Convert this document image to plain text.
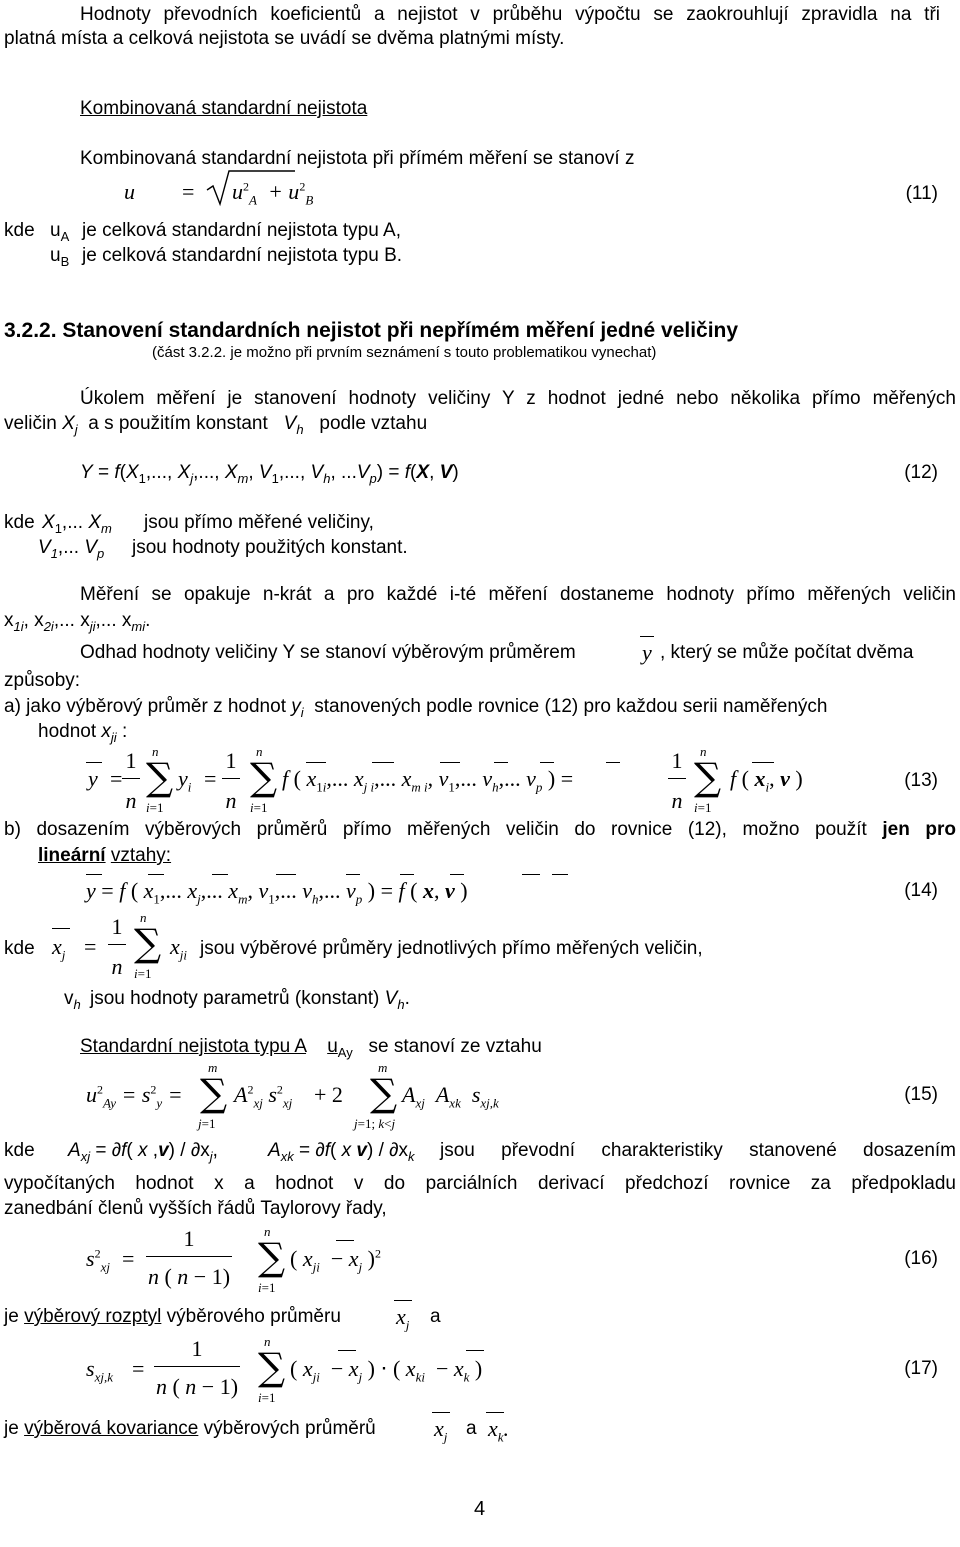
Hodnoty převodních koeficientů a nejistot v průběhu výpočtu se zaokrouhlují zpravidla na tři
platná místa a celková nejistota se uvádí se dvěma platnými místy.
Kombinovaná standardní nejistota
Kombinovaná standardní nejistota při přímém měření se stanoví z
$u = u^2_A + u^2_B$	(11)
kde $u_A$ je celková standardní nejistota typu A,
$u_B$ je celková standardní nejistota typu B.
3.2.2. Stanovení standardních nejistot při nepřímém měření jedné veličiny
(část 3.2.2. je možno při prvním seznámení s touto problematikou vynechat)
Úkolem měření je stanovení hodnoty veličiny Y z hodnot jedné nebo několika přímo měřených
veličin $X_j$ a s použitím konstant $V_h$ podle vztahu
$Y = f(X_1$,..., $X_j$,..., $X_m$, $V_1$,..., $V_h$, $...V_p) = f(X$, V)	(12)
kde $X_1$,... $X_m$ jsou přímo měřené veličiny,
$V_1$,... $V_p$ jsou hodnoty použitých konstant.
Měření se opakuje n-krát a pro každé i-té měření dostaneme hodnoty přímo měřených veličin
$x_{1i}$, $x_{2i}$,... $x_{ji}$,... $x_{mi}$.
Odhad hodnoty veličiny Y se stanoví výběrovým průměrem	y , který se může počítat dvěma
způsoby:
a) jako výběrový průměr z hodnot $y_i$ stanovených podle rovnice (12) pro každou serii naměřených
hodnot $x_{ji}$ :
y =
1
n
n
∑
i=1
$y_i$ =
1
n
n
∑
i=1
f ( $x_{1i}$,... $x_{j i}$,... $x_{m i}$, $v_1$,... $v_h$,... $v_p$ ) =
1
n
n
∑
i=1
f ( $x_i$, v )	(13)
b) dosazením výběrových průměrů přímo měřených veličin do rovnice (12), možno použít jen pro
lineární vztahy:
y = f ( $x_1$,... $x_j$,... $x_m$, $v_1$,... $v_h$,... $v_p$ ) = f ( x, v )	(14)
kde $x_j$ =
1
n
n
∑
i=1
$x_{ji}$ jsou výběrové průměry jednotlivých přímo měřených veličin,
$v_h$ jsou hodnoty parametrů (konstant) $V_h$.
Standardní nejistota typu A $u_{Ay}$ se stanoví ze vztahu
$u^2_{Ay} = s^2_y$ =
m
∑
j=1
$A^2_{xj}$ $s^2_{xj} + 2$
m
∑
j=1; k<j
$A_{xj}$  $A_{xk}$  $s_{xj,k}$	(15)
kde $A_{xj} = \partial f$( x $,v) / \partial x_j$,	$A_{xk} = \partial f$( x $v) / \partial x_k$ jsou převodní charakteristiky stanovené dosazením
vypočítaných hodnot x a hodnot v do parciálních derivací předchozí rovnice za předpokladu
zanedbání členů vyšších řádů Taylorovy řady,
$s^2_{xj}$ =
1
n ( n − 1)
n
∑
i=1
( $x_{ji} - x_j$ )$^2$	(16)
je výběrový rozptyl výběrového průměru	$x_j$ a
$s_{xj,k}$ =
1
n ( n − 1)
n
∑
i=1
( $x_{ji} - x_j$ ) ⋅ ( $x_{ki} - x_k$ )	(17)
je výběrová kovariance výběrových průměrů	$x_j$ a $x_k$.
4
